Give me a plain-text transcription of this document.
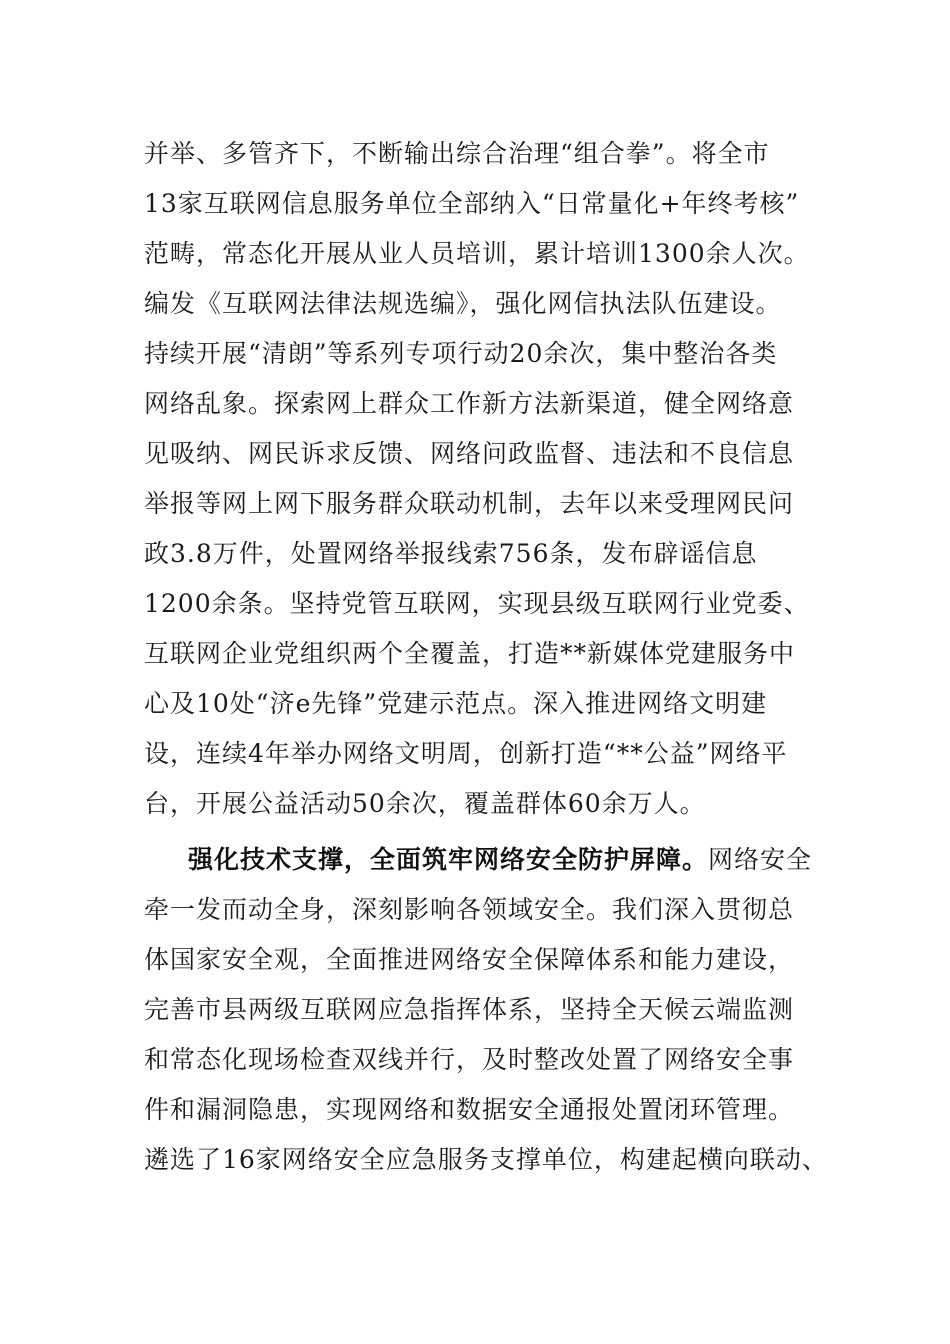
并举、多管齐下，不断输出综合治理“组合拳”。将全市
13家互联网信息服务单位全部纳入“日常量化+年终考核”
范畴，常态化开展从业人员培训，累计培训1300余人次。
编发《互联网法律法规选编》，强化网信执法队伍建设。
持续开展“清朗”等系列专项行动20余次，集中整治各类
网络乱象。探索网上群众工作新方法新渠道，健全网络意
见吸纳、网民诉求反馈、网络问政监督、违法和不良信息
举报等网上网下服务群众联动机制，去年以来受理网民问
政3.8万件，处置网络举报线索756条，发布辟谣信息
1200余条。坚持党管互联网，实现县级互联网行业党委、
互联网企业党组织两个全覆盖，打造**新媒体党建服务中
心及10处“济e先锋”党建示范点。深入推进网络文明建
设，连续4年举办网络文明周，创新打造“**公益”网络平
台，开展公益活动50余次，覆盖群体60余万人。
强化技术支撑，全面筑牢网络安全防护屏障。网络安全
牵一发而动全身，深刻影响各领域安全。我们深入贯彻总
体国家安全观，全面推进网络安全保障体系和能力建设，
完善市县两级互联网应急指挥体系，坚持全天候云端监测
和常态化现场检查双线并行，及时整改处置了网络安全事
件和漏洞隐患，实现网络和数据安全通报处置闭环管理。
遴选了16家网络安全应急服务支撑单位，构建起横向联动、
